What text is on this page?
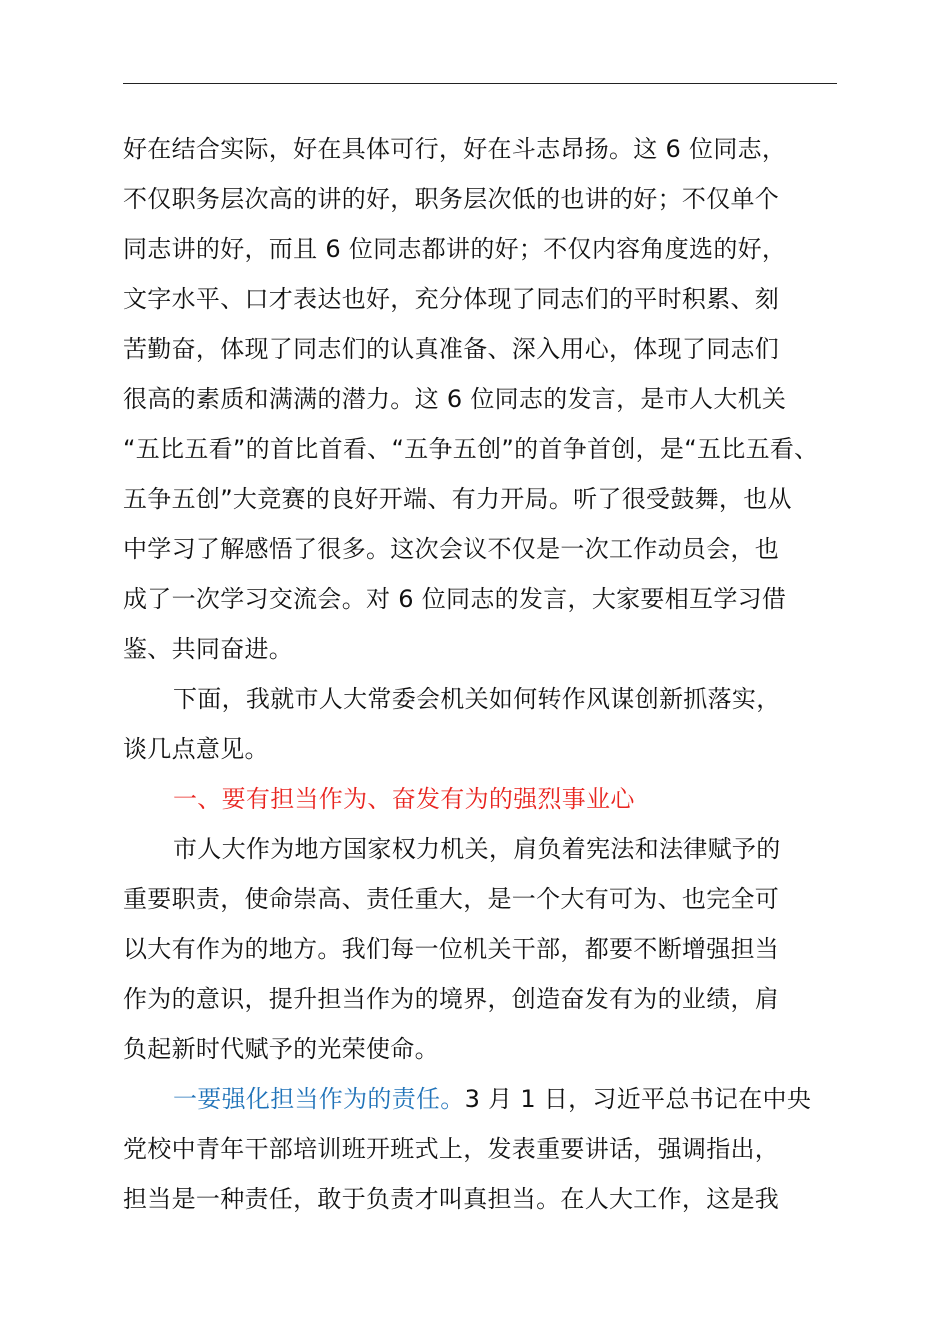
好在结合实际，好在具体可行，好在斗志昂扬。这 6 位同志，
不仅职务层次高的讲的好，职务层次低的也讲的好；不仅单个
同志讲的好，而且 6 位同志都讲的好；不仅内容角度选的好，
文字水平、口才表达也好，充分体现了同志们的平时积累、刻
苦勤奋，体现了同志们的认真准备、深入用心，体现了同志们
很高的素质和满满的潜力。这 6 位同志的发言，是市人大机关
“五比五看”的首比首看、“五争五创”的首争首创，是“五比五看、
五争五创”大竞赛的良好开端、有力开局。听了很受鼓舞，也从
中学习了解感悟了很多。这次会议不仅是一次工作动员会，也
成了一次学习交流会。对 6 位同志的发言，大家要相互学习借
鉴、共同奋进。
下面，我就市人大常委会机关如何转作风谋创新抓落实，
谈几点意见。
一、要有担当作为、奋发有为的强烈事业心
市人大作为地方国家权力机关，肩负着宪法和法律赋予的
重要职责，使命崇高、责任重大，是一个大有可为、也完全可
以大有作为的地方。我们每一位机关干部，都要不断增强担当
作为的意识，提升担当作为的境界，创造奋发有为的业绩，肩
负起新时代赋予的光荣使命。
一要强化担当作为的责任。3 月 1 日，习近平总书记在中央
党校中青年干部培训班开班式上，发表重要讲话，强调指出，
担当是一种责任，敢于负责才叫真担当。在人大工作，这是我
